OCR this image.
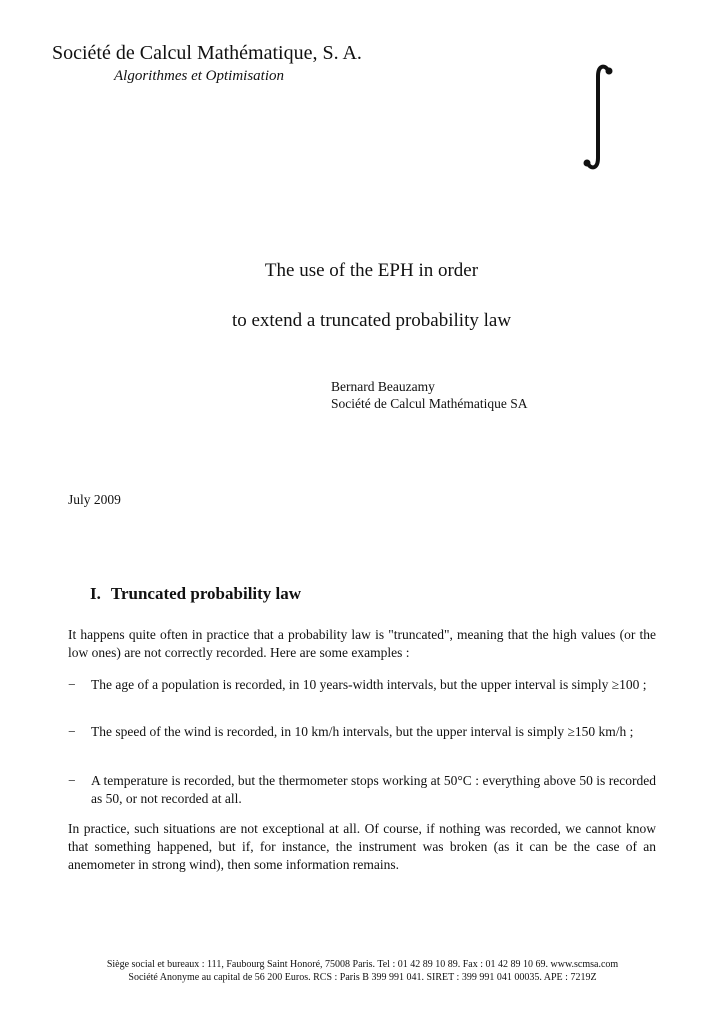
Société de Calcul Mathématique, S. A.
Algorithmes et Optimisation
The use of the EPH in order
to extend a truncated probability law
Bernard Beauzamy
Société de Calcul Mathématique SA
July 2009
I. Truncated probability law
It happens quite often in practice that a probability law is "truncated", meaning that the high values (or the low ones) are not correctly recorded. Here are some examples :
− The age of a population is recorded, in 10 years-width intervals, but the upper interval is simply ≥100 ;
− The speed of the wind is recorded, in 10 km/h intervals, but the upper interval is simply ≥150 km/h ;
− A temperature is recorded, but the thermometer stops working at 50°C : everything above 50 is recorded as 50, or not recorded at all.
In practice, such situations are not exceptional at all. Of course, if nothing was recorded, we cannot know that something happened, but if, for instance, the instrument was broken (as it can be the case of an anemometer in strong wind), then some information remains.
Siège social et bureaux : 111, Faubourg Saint Honoré, 75008 Paris. Tel : 01 42 89 10 89. Fax : 01 42 89 10 69. www.scmsa.com
Société Anonyme au capital de 56 200 Euros. RCS : Paris B 399 991 041. SIRET : 399 991 041 00035. APE : 7219Z
